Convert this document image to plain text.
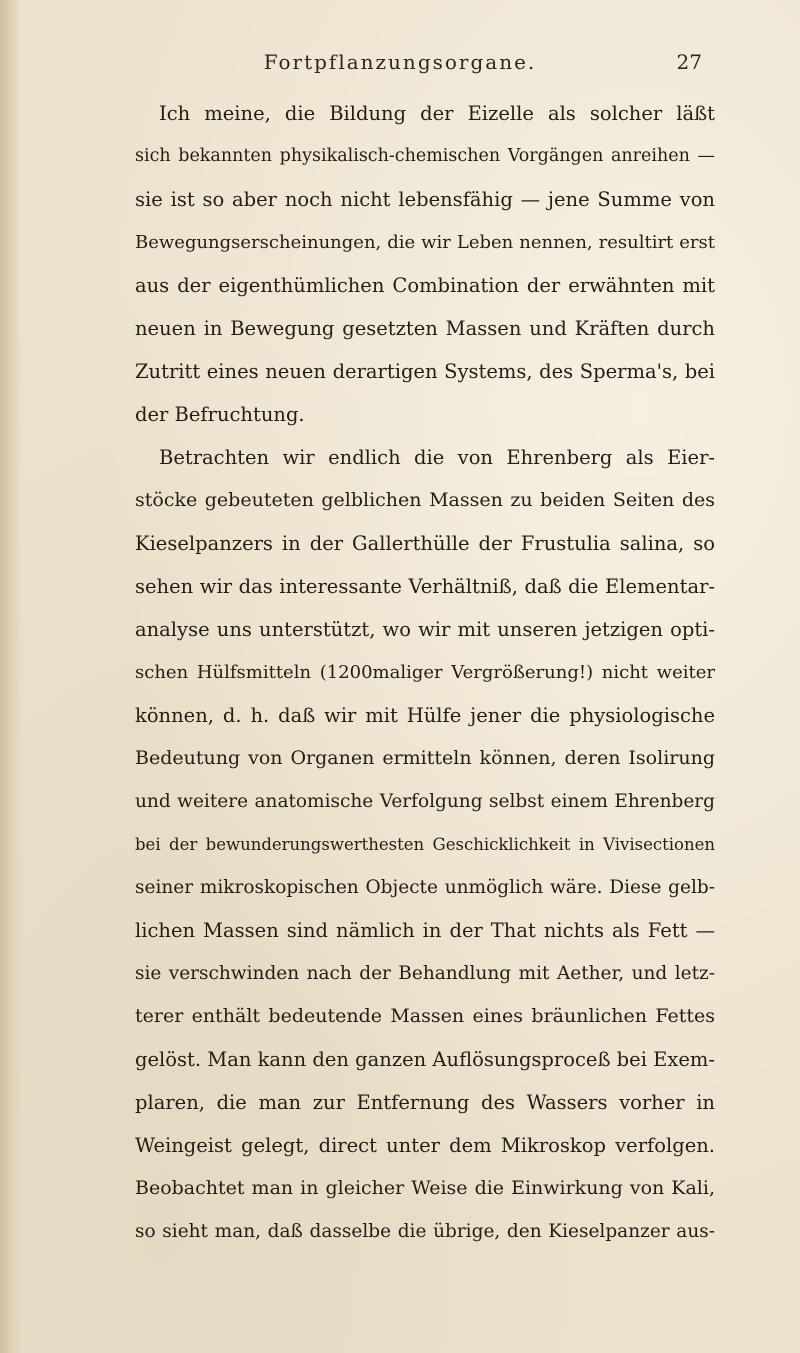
Fortpflanzungsorgane.	27
Ich meine, die Bildung der Eizelle als solcher läßt
sich bekannten physikalisch-chemischen Vorgängen anreihen —
sie ist so aber noch nicht lebensfähig — jene Summe von
Bewegungserscheinungen, die wir Leben nennen, resultirt erst
aus der eigenthümlichen Combination der erwähnten mit
neuen in Bewegung gesetzten Massen und Kräften durch
Zutritt eines neuen derartigen Systems, des Sperma's, bei
der Befruchtung.
Betrachten wir endlich die von Ehrenberg als Eier-
stöcke gebeuteten gelblichen Massen zu beiden Seiten des
Kieselpanzers in der Gallerthülle der Frustulia salina, so
sehen wir das interessante Verhältniß, daß die Elementar-
analyse uns unterstützt, wo wir mit unseren jetzigen opti-
schen Hülfsmitteln (1200maliger Vergrößerung!) nicht weiter
können, d. h. daß wir mit Hülfe jener die physiologische
Bedeutung von Organen ermitteln können, deren Isolirung
und weitere anatomische Verfolgung selbst einem Ehrenberg
bei der bewunderungswerthesten Geschicklichkeit in Vivisectionen
seiner mikroskopischen Objecte unmöglich wäre. Diese gelb-
lichen Massen sind nämlich in der That nichts als Fett —
sie verschwinden nach der Behandlung mit Aether, und letz-
terer enthält bedeutende Massen eines bräunlichen Fettes
gelöst. Man kann den ganzen Auflösungsproceß bei Exem-
plaren, die man zur Entfernung des Wassers vorher in
Weingeist gelegt, direct unter dem Mikroskop verfolgen.
Beobachtet man in gleicher Weise die Einwirkung von Kali,
so sieht man, daß dasselbe die übrige, den Kieselpanzer aus-
